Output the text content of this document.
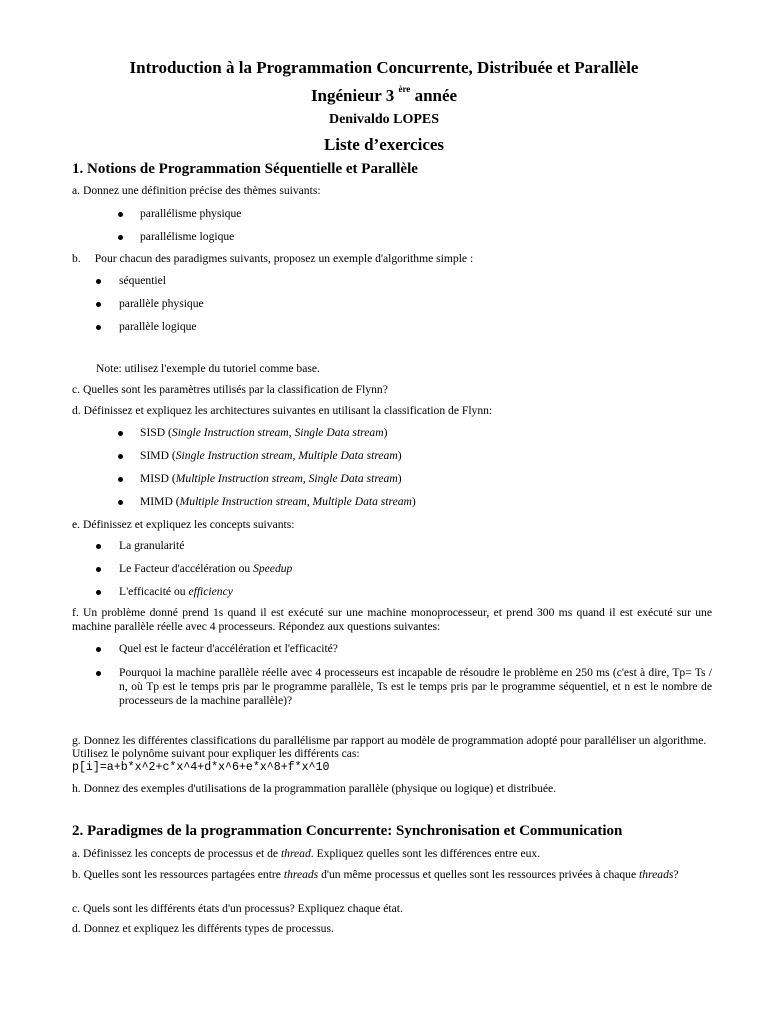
Introduction à la Programmation Concurrente, Distribuée et Parallèle
Ingénieur 3 $^{ère}$ année
Denivaldo LOPES
Liste d’exercices
1. Notions de Programmation Séquentielle et Parallèle
a. Donnez une définition précise des thèmes suivants:
parallélisme physique
parallélisme logique
b. Pour chacun des paradigmes suivants, proposez un exemple d'algorithme simple :
séquentiel
parallèle physique
parallèle logique
Note: utilisez l'exemple du tutoriel comme base.
c. Quelles sont les paramètres utilisés par la classification de Flynn?
d. Définissez et expliquez les architectures suivantes en utilisant la classification de Flynn:
SISD (Single Instruction stream, Single Data stream)
SIMD (Single Instruction stream, Multiple Data stream)
MISD (Multiple Instruction stream, Single Data stream)
MIMD (Multiple Instruction stream, Multiple Data stream)
e. Définissez et expliquez les concepts suivants:
La granularité
Le Facteur d'accélération ou Speedup
L'efficacité ou efficiency
f. Un problème donné prend 1s quand il est exécuté sur une machine monoprocesseur, et prend 300 ms quand il est exécuté sur une machine parallèle réelle avec 4 processeurs. Répondez aux questions suivantes:
Quel est le facteur d'accélération et l'efficacité?
Pourquoi la machine parallèle réelle avec 4 processeurs est incapable de résoudre le problème en 250 ms (c'est à dire, Tp= Ts / n, où Tp est le temps pris par le programme parallèle, Ts est le temps pris par le programme séquentiel, et n est le nombre de processeurs de la machine parallèle)?
g. Donnez les différentes classifications du parallélisme par rapport au modèle de programmation adopté pour paralléliser un algorithme. Utilisez le polynôme suivant pour expliquer les différents cas:
p[i]=a+b*x^2+c*x^4+d*x^6+e*x^8+f*x^10
h. Donnez des exemples d'utilisations de la programmation parallèle (physique ou logique) et distribuée.
2. Paradigmes de la programmation Concurrente: Synchronisation et Communication
a. Définissez les concepts de processus et de thread. Expliquez quelles sont les différences entre eux.
b. Quelles sont les ressources partagées entre threads d'un même processus et quelles sont les ressources privées à chaque threads?
c. Quels sont les différents états d'un processus? Expliquez chaque état.
d. Donnez et expliquez les différents types de processus.
